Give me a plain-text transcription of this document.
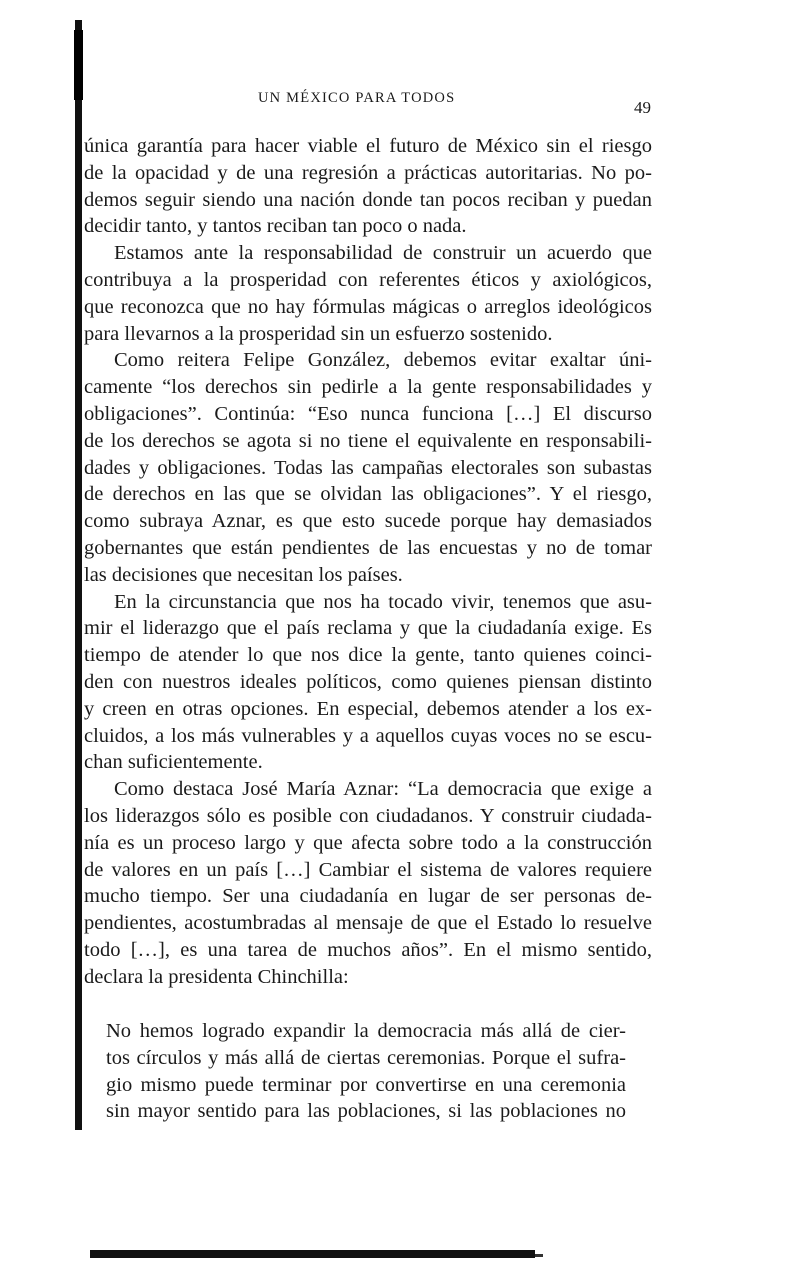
UN MÉXICO PARA TODOS	49
única garantía para hacer viable el futuro de México sin el riesgo
de la opacidad y de una regresión a prácticas autoritarias. No po-
demos seguir siendo una nación donde tan pocos reciban y puedan
decidir tanto, y tantos reciban tan poco o nada.
Estamos ante la responsabilidad de construir un acuerdo que
contribuya a la prosperidad con referentes éticos y axiológicos,
que reconozca que no hay fórmulas mágicas o arreglos ideológicos
para llevarnos a la prosperidad sin un esfuerzo sostenido.
Como reitera Felipe González, debemos evitar exaltar úni-
camente “los derechos sin pedirle a la gente responsabilidades y
obligaciones”. Continúa: “Eso nunca funciona […] El discurso
de los derechos se agota si no tiene el equivalente en responsabili-
dades y obligaciones. Todas las campañas electorales son subastas
de derechos en las que se olvidan las obligaciones”. Y el riesgo,
como subraya Aznar, es que esto sucede porque hay demasiados
gobernantes que están pendientes de las encuestas y no de tomar
las decisiones que necesitan los países.
En la circunstancia que nos ha tocado vivir, tenemos que asu-
mir el liderazgo que el país reclama y que la ciudadanía exige. Es
tiempo de atender lo que nos dice la gente, tanto quienes coinci-
den con nuestros ideales políticos, como quienes piensan distinto
y creen en otras opciones. En especial, debemos atender a los ex-
cluidos, a los más vulnerables y a aquellos cuyas voces no se escu-
chan suficientemente.
Como destaca José María Aznar: “La democracia que exige a
los liderazgos sólo es posible con ciudadanos. Y construir ciudada-
nía es un proceso largo y que afecta sobre todo a la construcción
de valores en un país […] Cambiar el sistema de valores requiere
mucho tiempo. Ser una ciudadanía en lugar de ser personas de-
pendientes, acostumbradas al mensaje de que el Estado lo resuelve
todo […], es una tarea de muchos años”. En el mismo sentido,
declara la presidenta Chinchilla:
No hemos logrado expandir la democracia más allá de cier-
tos círculos y más allá de ciertas ceremonias. Porque el sufra-
gio mismo puede terminar por convertirse en una ceremonia
sin mayor sentido para las poblaciones, si las poblaciones no
